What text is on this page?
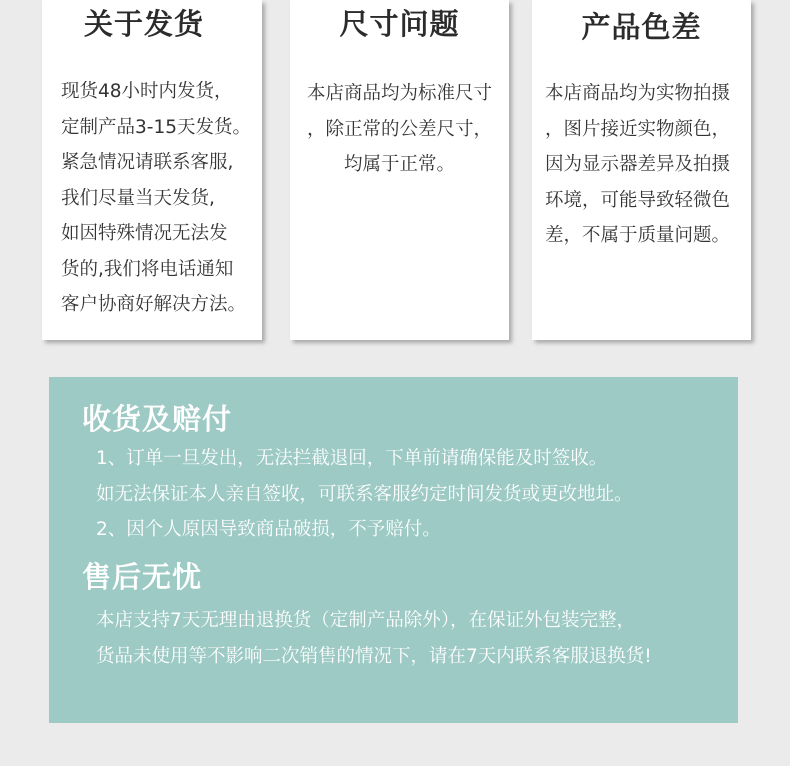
关于发货

现货48小时内发货，

定制产品3-15天发货。

紧急情况请联系客服,

我们尽量当天发货,

如因特殊情况无法发

货的,我们将电话通知

客户协商好解决方法。

尺寸问题

本店商品均为标准尺寸

，除正常的公差尺寸，

均属于正常。

产品色差

本店商品均为实物拍摄

，图片接近实物颜色，

因为显示器差异及拍摄

环境，可能导致轻微色

差，不属于质量问题。

收货及赔付

1、订单一旦发出，无法拦截退回，下单前请确保能及时签收。

如无法保证本人亲自签收，可联系客服约定时间发货或更改地址。

2、因个人原因导致商品破损，不予赔付。

售后无忧

本店支持7天无理由退换货（定制产品除外），在保证外包装完整，

货品未使用等不影响二次销售的情况下，请在7天内联系客服退换货!
